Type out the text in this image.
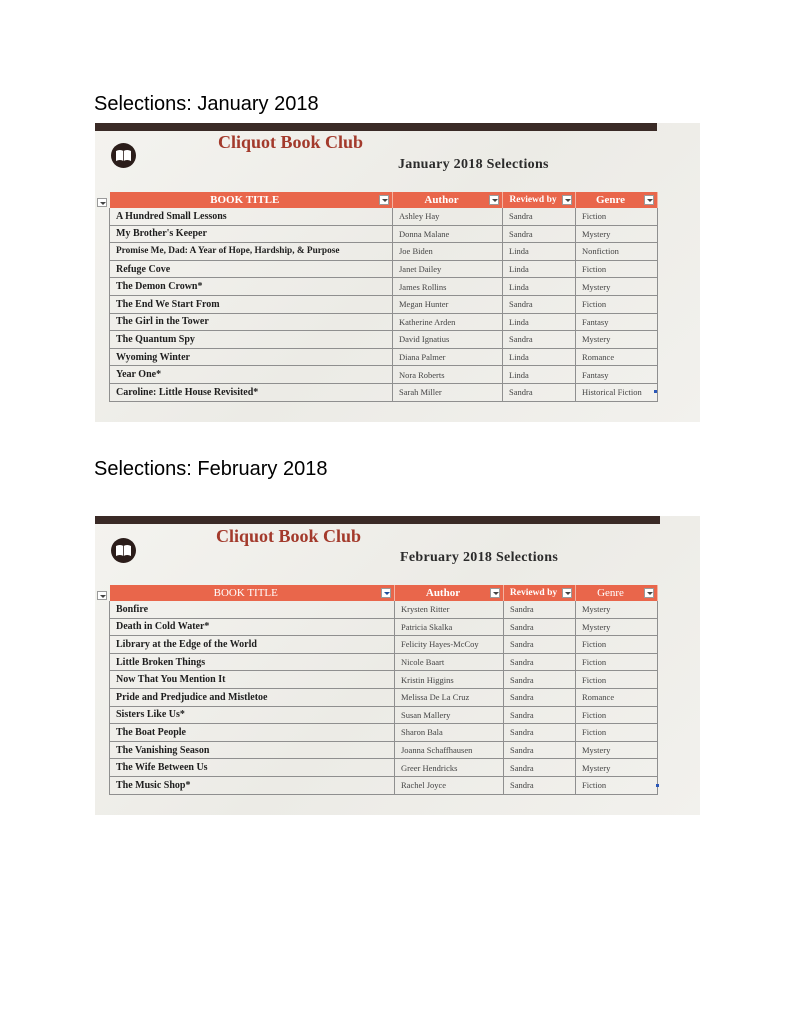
Selections: January 2018
Cliquot Book Club
January 2018 Selections
BOOK TITLE	Author	Reviewd by	Genre

A Hundred Small Lessons	Ashley Hay	Sandra	Fiction
My Brother's Keeper	Donna Malane	Sandra	Mystery
Promise Me, Dad: A Year of Hope, Hardship, & Purpose	Joe Biden	Linda	Nonfiction
Refuge Cove	Janet Dailey	Linda	Fiction
The Demon Crown*	James Rollins	Linda	Mystery
The End We Start From	Megan Hunter	Sandra	Fiction
The Girl in the Tower	Katherine Arden	Linda	Fantasy
The Quantum Spy	David Ignatius	Sandra	Mystery
Wyoming Winter	Diana Palmer	Linda	Romance
Year One*	Nora Roberts	Linda	Fantasy
Caroline: Little House Revisited*	Sarah Miller	Sandra	Historical Fiction
Selections: February 2018
Cliquot Book Club
February 2018 Selections
BOOK TITLE	Author	Reviewd by	Genre

Bonfire	Krysten Ritter	Sandra	Mystery
Death in Cold Water*	Patricia Skalka	Sandra	Mystery
Library at the Edge of the World	Felicity Hayes-McCoy	Sandra	Fiction
Little Broken Things	Nicole Baart	Sandra	Fiction
Now That You Mention It	Kristin Higgins	Sandra	Fiction
Pride and Predjudice and Mistletoe	Melissa De La Cruz	Sandra	Romance
Sisters Like Us*	Susan Mallery	Sandra	Fiction
The Boat People	Sharon Bala	Sandra	Fiction
The Vanishing Season	Joanna Schaffhausen	Sandra	Mystery
The Wife Between Us	Greer Hendricks	Sandra	Mystery
The Music Shop*	Rachel Joyce	Sandra	Fiction
